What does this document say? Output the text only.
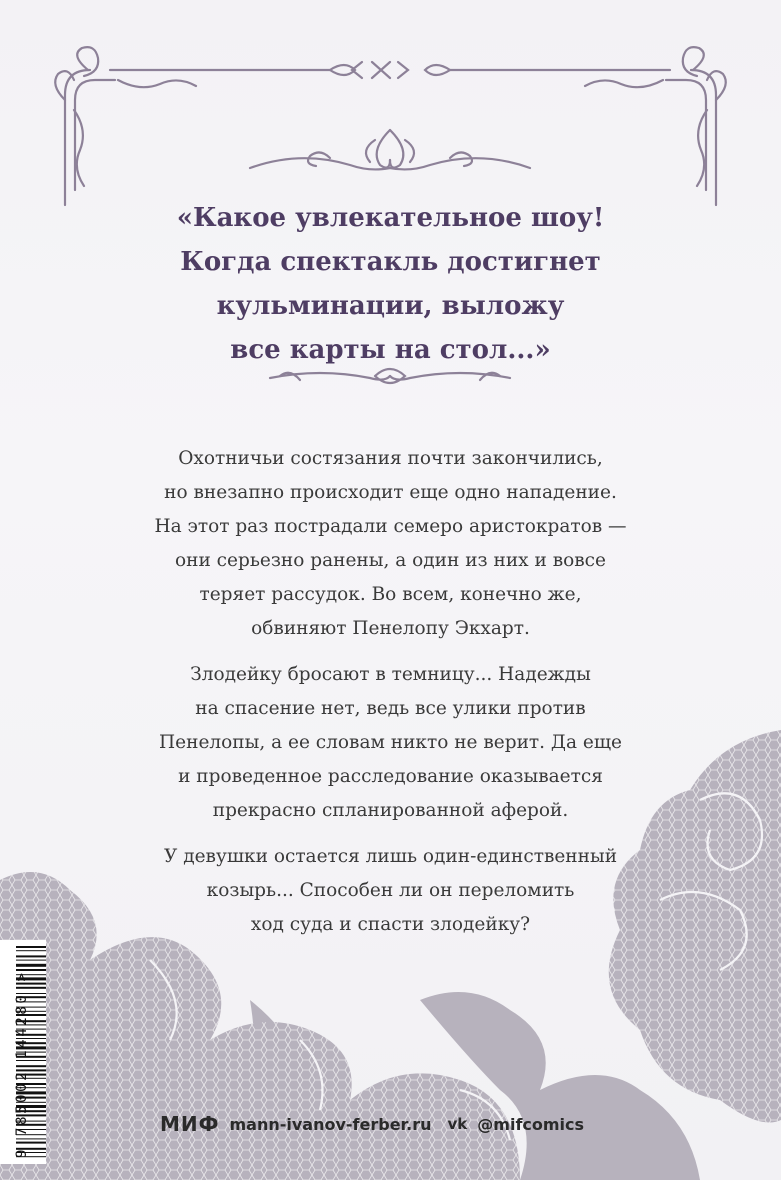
«Какое увлекательное шоу!
Когда спектакль достигнет
кульминации, выложу
все карты на стол...»

Охотничьи состязания почти закончились,
но внезапно происходит еще одно нападение.
На этот раз пострадали семеро аристократов —
они серьезно ранены, а один из них и вовсе
теряет рассудок. Во всем, конечно же,
обвиняют Пенелопу Экхарт.

Злодейку бросают в темницу... Надежды
на спасение нет, ведь все улики против
Пенелопы, а ее словам никто не верит. Да еще
и проведенное расследование оказывается
прекрасно спланированной аферой.

У девушки остается лишь один-единственный
козырь... Способен ли он переломить
ход суда и спасти злодейку?

9 785002 144280 >	МИФ mann-ivanov-ferber.ru vk @mifcomics
